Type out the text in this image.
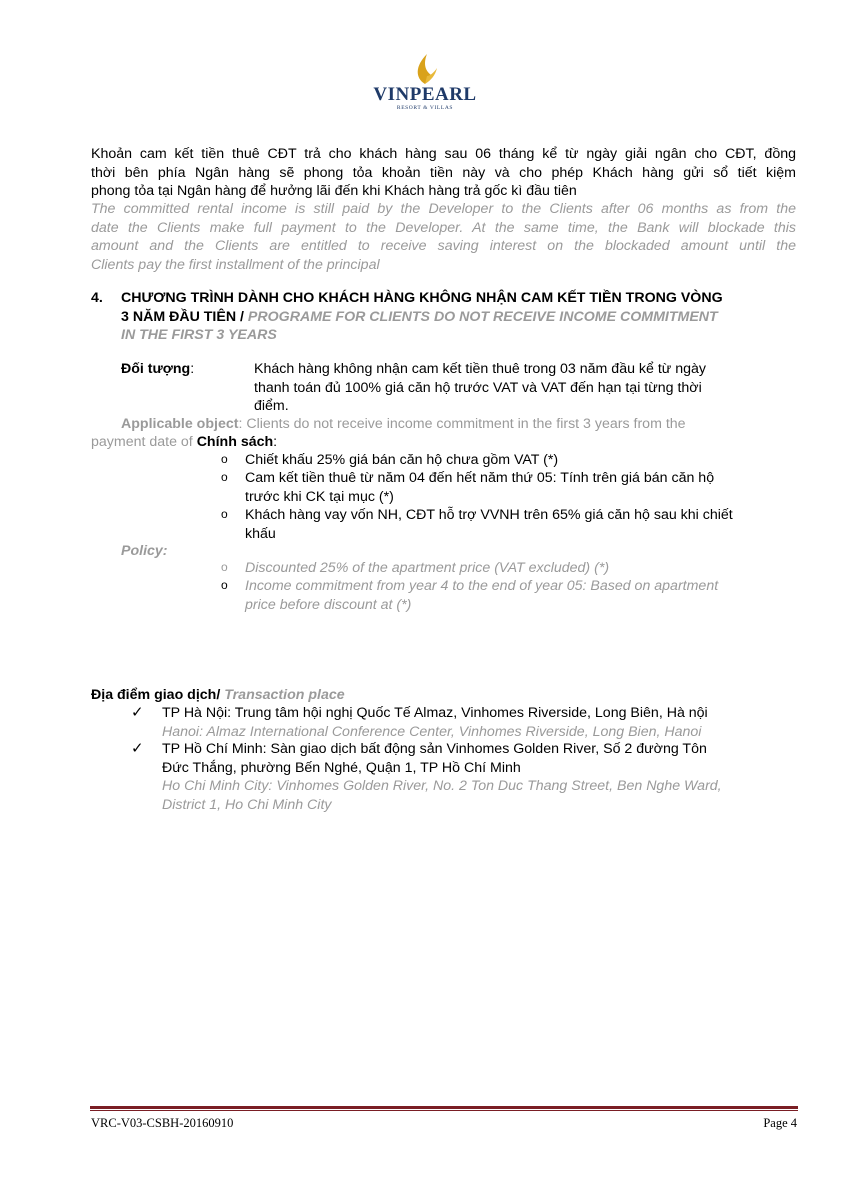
VINPEARL
RESORT & VILLAS
Khoản cam kết tiền thuê CĐT trả cho khách hàng sau 06 tháng kể từ ngày giải ngân cho CĐT, đồng
thời bên phía Ngân hàng sẽ phong tỏa khoản tiền này và cho phép Khách hàng gửi sổ tiết kiệm
phong tỏa tại Ngân hàng để hưởng lãi đến khi Khách hàng trả gốc kì đầu tiên
The committed rental income is still paid by the Developer to the Clients after 06 months as from the
date the Clients make full payment to the Developer. At the same time, the Bank will blockade this
amount and the Clients are entitled to receive saving interest on the blockaded amount until the
Clients pay the first installment of the principal
4. CHƯƠNG TRÌNH DÀNH CHO KHÁCH HÀNG KHÔNG NHẬN CAM KẾT TIỀN TRONG VÒNG
3 NĂM ĐẦU TIÊN / PROGRAME FOR CLIENTS DO NOT RECEIVE INCOME COMMITMENT
IN THE FIRST 3 YEARS
Đối tượng:	Khách hàng không nhận cam kết tiền thuê trong 03 năm đầu kể từ ngày
thanh toán đủ 100% giá căn hộ trước VAT và VAT đến hạn tại từng thời
điểm.
Applicable object: Clients do not receive income commitment in the first 3 years from the
payment date of Chính sách:
o Chiết khấu 25% giá bán căn hộ chưa gồm VAT (*)
o Cam kết tiền thuê từ năm 04 đến hết năm thứ 05: Tính trên giá bán căn hộ
trước khi CK tại mục (*)
o Khách hàng vay vốn NH, CĐT hỗ trợ VVNH trên 65% giá căn hộ sau khi chiết
khấu
Policy:
o Discounted 25% of the apartment price (VAT excluded) (*)
o Income commitment from year 4 to the end of year 05: Based on apartment
price before discount at (*)
Địa điểm giao dịch/ Transaction place
✓ TP Hà Nội: Trung tâm hội nghị Quốc Tế Almaz, Vinhomes Riverside, Long Biên, Hà nội
Hanoi: Almaz International Conference Center, Vinhomes Riverside, Long Bien, Hanoi
✓ TP Hồ Chí Minh: Sàn giao dịch bất động sản Vinhomes Golden River, Số 2 đường Tôn
Đức Thắng, phường Bến Nghé, Quận 1, TP Hồ Chí Minh
Ho Chi Minh City: Vinhomes Golden River, No. 2 Ton Duc Thang Street, Ben Nghe Ward,
District 1, Ho Chi Minh City
VRC-V03-CSBH-20160910	Page 4
